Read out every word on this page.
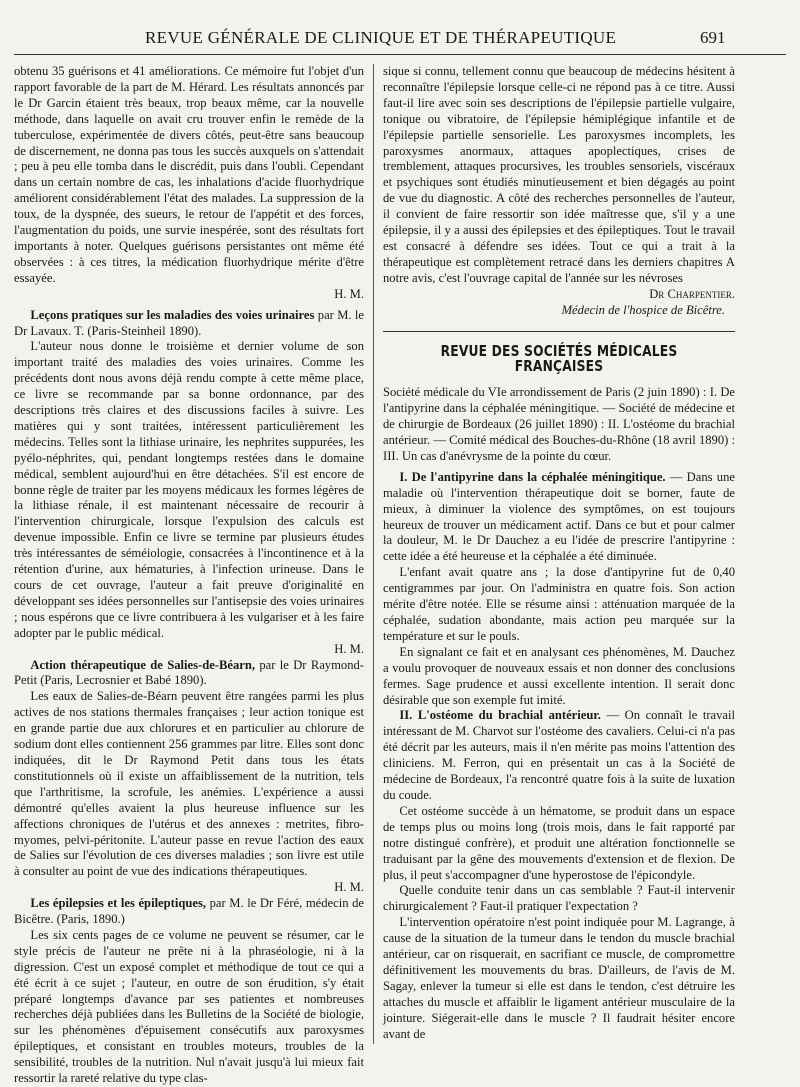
REVUE GÉNÉRALE DE CLINIQUE ET DE THÉRAPEUTIQUE	691

obtenu 35 guérisons et 41 améliorations. Ce mémoire fut l'objet d'un rapport favorable de la part de M. Hérard. Les résultats annoncés par le Dr Garcin étaient très beaux, trop beaux même, car la nouvelle méthode, dans laquelle on avait cru trouver enfin le remède de la tuberculose, expérimentée de divers côtés, peut-être sans beaucoup de discernement, ne donna pas tous les succès auxquels on s'attendait ; peu à peu elle tomba dans le discrédit, puis dans l'oubli. Cependant dans un certain nombre de cas, les inhalations d'acide fluorhydrique améliorent considérablement l'état des malades. La suppression de la toux, de la dyspnée, des sueurs, le retour de l'appétit et des forces, l'augmentation du poids, une survie inespérée, sont des résultats fort importants à noter. Quelques guérisons persistantes ont même été observées : à ces titres, la médication fluorhydrique mérite d'être essayée.

H. M.

Leçons pratiques sur les maladies des voies urinaires par M. le Dr Lavaux. T. (Paris-Steinheil 1890).

L'auteur nous donne le troisième et dernier volume de son important traité des maladies des voies urinaires. Comme les précédents dont nous avons déjà rendu compte à cette même place, ce livre se recommande par sa bonne ordonnance, par des descriptions très claires et des discussions faciles à suivre. Les matières qui y sont traitées, intéressent particulièrement les médecins. Telles sont la lithiase urinaire, les nephrites suppurées, les pyélo-néphrites, qui, pendant longtemps restées dans le domaine médical, semblent aujourd'hui en être détachées. S'il est encore de bonne règle de traiter par les moyens médicaux les formes légères de la lithiase rénale, il est maintenant nécessaire de recourir à l'intervention chirurgicale, lorsque l'expulsion des calculs est devenue impossible. Enfin ce livre se termine par plusieurs études très intéressantes de séméiologie, consacrées à l'incontinence et à la rétention d'urine, aux hématuries, à l'infection urineuse. Dans le cours de cet ouvrage, l'auteur a fait preuve d'originalité en développant ses idées personnelles sur l'antisepsie des voies urinaires ; nous espérons que ce livre contribuera à les vulgariser et à les faire adopter par le public médical.

H. M.

Action thérapeutique de Salies-de-Béarn, par le Dr Raymond-Petit (Paris, Lecrosnier et Babé 1890).

Les eaux de Salies-de-Béarn peuvent être rangées parmi les plus actives de nos stations thermales françaises ; leur action tonique est en grande partie due aux chlorures et en particulier au chlorure de sodium dont elles contiennent 256 grammes par litre. Elles sont donc indiquées, dit le Dr Raymond Petit dans tous les états constitutionnels où il existe un affaiblissement de la nutrition, tels que l'arthritisme, la scrofule, les anémies. L'expérience a aussi démontré qu'elles avaient la plus heureuse influence sur les affections chroniques de l'utérus et des annexes : metrites, fibro-myomes, pelvi-péritonite. L'auteur passe en revue l'action des eaux de Salies sur l'évolution de ces diverses maladies ; son livre est utile à consulter au point de vue des indications thérapeutiques.

H. M.

Les épilepsies et les épileptiques, par M. le Dr Féré, médecin de Bicêtre. (Paris, 1890.)

Les six cents pages de ce volume ne peuvent se résumer, car le style précis de l'auteur ne prête ni à la phraséologie, ni à la digression. C'est un exposé complet et méthodique de tout ce qui a été écrit à ce sujet ; l'auteur, en outre de son érudition, s'y était préparé longtemps d'avance par ses patientes et nombreuses recherches déjà publiées dans les Bulletins de la Société de biologie, sur les phénomènes d'épuisement consécutifs aux paroxysmes épileptiques, et consistant en troubles moteurs, troubles de la sensibilité, troubles de la nutrition. Nul n'avait jusqu'à lui mieux fait ressortir la rareté relative du type clas-

sique si connu, tellement connu que beaucoup de médecins hésitent à reconnaître l'épilepsie lorsque celle-ci ne répond pas à ce titre. Aussi faut-il lire avec soin ses descriptions de l'épilepsie partielle vulgaire, tonique ou vibratoire, de l'épilepsie hémiplégique infantile et de l'épilepsie partielle sensorielle. Les paroxysmes incomplets, les paroxysmes anormaux, attaques apoplectiques, crises de tremblement, attaques procursives, les troubles sensoriels, viscéraux et psychiques sont étudiés minutieusement et bien dégagés au point de vue du diagnostic. A côté des recherches personnelles de l'auteur, il convient de faire ressortir son idée maîtresse que, s'il y a une épilepsie, il y a aussi des épilepsies et des épileptiques. Tout le travail est consacré à défendre ses idées. Tout ce qui a trait à la thérapeutique est complètement retracé dans les derniers chapitres A notre avis, c'est l'ouvrage capital de l'année sur les névroses

Dr Charpentier.

Médecin de l'hospice de Bicêtre.

REVUE DES SOCIÉTÉS MÉDICALES FRANÇAISES

Société médicale du VIe arrondissement de Paris (2 juin 1890) : I. De l'antipyrine dans la céphalée méningitique. — Société de médecine et de chirurgie de Bordeaux (26 juillet 1890) : II. L'ostéome du brachial antérieur. — Comité médical des Bouches-du-Rhône (18 avril 1890) : III. Un cas d'anévrysme de la pointe du cœur.

I. De l'antipyrine dans la céphalée méningitique. — Dans une maladie où l'intervention thérapeutique doit se borner, faute de mieux, à diminuer la violence des symptômes, on est toujours heureux de trouver un médicament actif. Dans ce but et pour calmer la douleur, M. le Dr Dauchez a eu l'idée de prescrire l'antipyrine : cette idée a été heureuse et la céphalée a été diminuée.

L'enfant avait quatre ans ; la dose d'antipyrine fut de 0,40 centigrammes par jour. On l'administra en quatre fois. Son action mérite d'être notée. Elle se résume ainsi : atténuation marquée de la céphalée, sudation abondante, mais action peu marquée sur la température et sur le pouls.

En signalant ce fait et en analysant ces phénomènes, M. Dauchez a voulu provoquer de nouveaux essais et non donner des conclusions fermes. Sage prudence et aussi excellente intention. Il serait donc désirable que son exemple fut imité.

II. L'ostéome du brachial antérieur. — On connaît le travail intéressant de M. Charvot sur l'ostéome des cavaliers. Celui-ci n'a pas été décrit par les auteurs, mais il n'en mérite pas moins l'attention des cliniciens. M. Ferron, qui en présentait un cas à la Société de médecine de Bordeaux, l'a rencontré quatre fois à la suite de luxation du coude.

Cet ostéome succède à un hématome, se produit dans un espace de temps plus ou moins long (trois mois, dans le fait rapporté par notre distingué confrère), et produit une altération fonctionnelle se traduisant par la gêne des mouvements d'extension et de flexion. De plus, il peut s'accompagner d'une hyperostose de l'épicondyle.

Quelle conduite tenir dans un cas semblable ? Faut-il intervenir chirurgicalement ? Faut-il pratiquer l'expectation ?

L'intervention opératoire n'est point indiquée pour M. Lagrange, à cause de la situation de la tumeur dans le tendon du muscle brachial antérieur, car on risquerait, en sacrifiant ce muscle, de compromettre définitivement les mouvements du bras. D'ailleurs, de l'avis de M. Sagay, enlever la tumeur si elle est dans le tendon, c'est détruire les attaches du muscle et affaiblir le ligament antérieur musculaire de la jointure. Siégerait-elle dans le muscle ? Il faudrait hésiter encore avant de
